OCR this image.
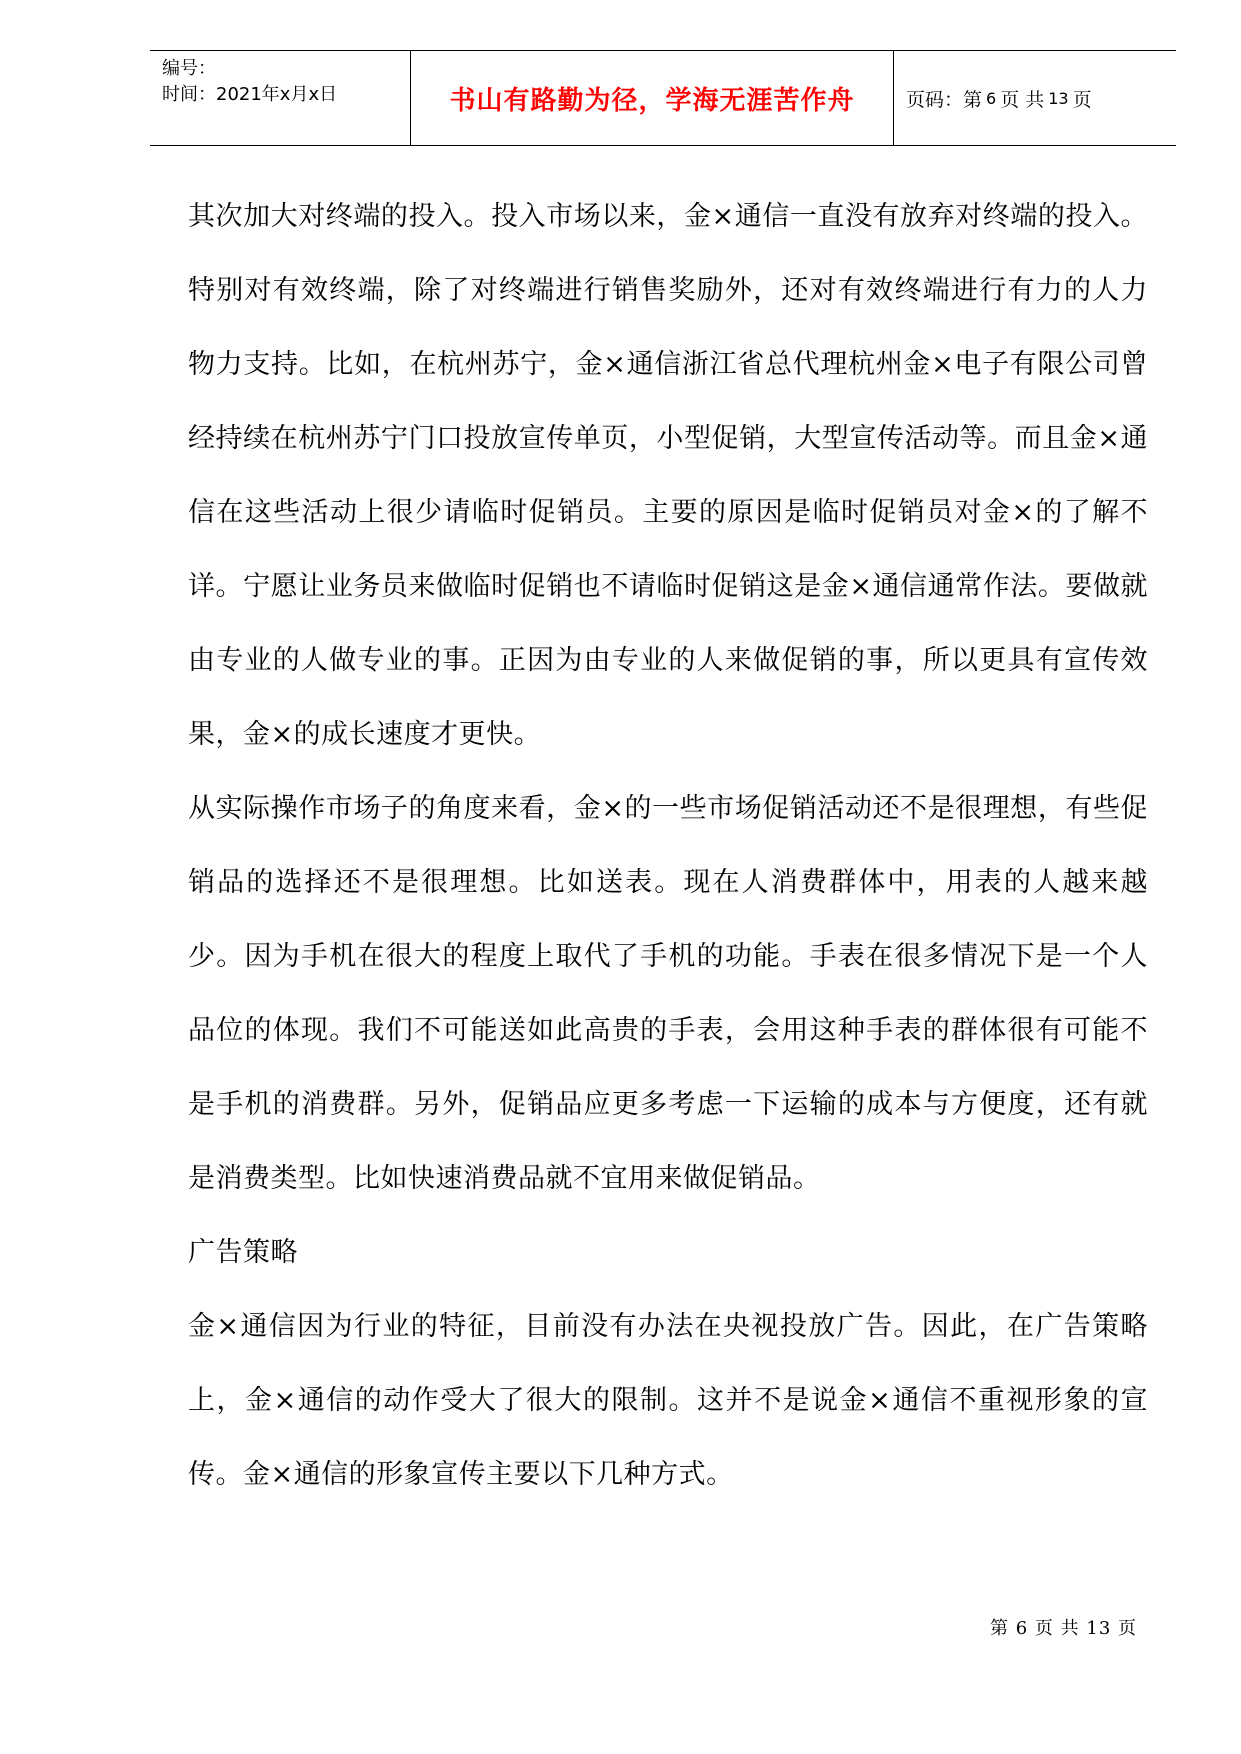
编号：
时间：2021年x月x日	书山有路勤为径，学海无涯苦作舟	页码：第 6 页 共 13 页

其次加大对终端的投入。投入市场以来，金×通信一直没有放弃对终端的投入。特别对有效终端，除了对终端进行销售奖励外，还对有效终端进行有力的人力物力支持。比如，在杭州苏宁，金×通信浙江省总代理杭州金×电子有限公司曾经持续在杭州苏宁门口投放宣传单页，小型促销，大型宣传活动等。而且金×通信在这些活动上很少请临时促销员。主要的原因是临时促销员对金×的了解不详。宁愿让业务员来做临时促销也不请临时促销这是金×通信通常作法。要做就由专业的人做专业的事。正因为由专业的人来做促销的事，所以更具有宣传效果，金×的成长速度才更快。

从实际操作市场子的角度来看，金×的一些市场促销活动还不是很理想，有些促销品的选择还不是很理想。比如送表。现在人消费群体中，用表的人越来越少。因为手机在很大的程度上取代了手机的功能。手表在很多情况下是一个人品位的体现。我们不可能送如此高贵的手表，会用这种手表的群体很有可能不是手机的消费群。另外，促销品应更多考虑一下运输的成本与方便度，还有就是消费类型。比如快速消费品就不宜用来做促销品。

广告策略

金×通信因为行业的特征，目前没有办法在央视投放广告。因此，在广告策略上，金×通信的动作受大了很大的限制。这并不是说金×通信不重视形象的宣传。金×通信的形象宣传主要以下几种方式。

第 6 页 共 13 页
